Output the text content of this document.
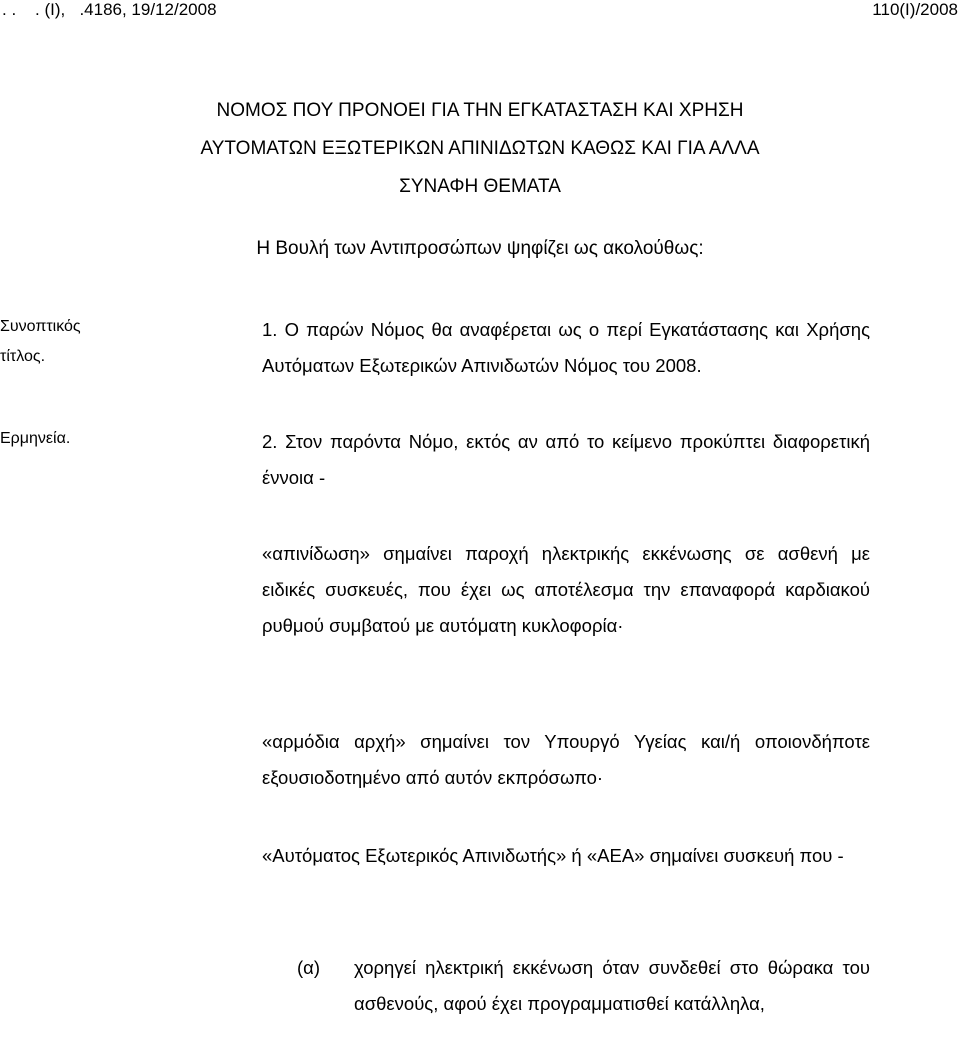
. .    . (Ι),   .4186, 19/12/2008	110(Ι)/2008
ΝΟΜΟΣ ΠΟΥ ΠΡΟΝΟΕΙ ΓΙΑ ΤΗΝ ΕΓΚΑΤΑΣΤΑΣΗ ΚΑΙ ΧΡΗΣΗ
ΑΥΤΟΜΑΤΩΝ ΕΞΩΤΕΡΙΚΩΝ ΑΠΙΝΙΔΩΤΩΝ ΚΑΘΩΣ ΚΑΙ ΓΙΑ ΑΛΛΑ
ΣΥΝΑΦΗ ΘΕΜΑΤΑ
Η Βουλή των Αντιπροσώπων ψηφίζει ως ακολούθως:
Συνοπτικός
τίτλος.
1. Ο παρών Νόμος θα αναφέρεται ως ο περί Εγκατάστασης και Χρήσης Αυτόματων Εξωτερικών Απινιδωτών Νόμος του 2008.
Ερμηνεία.	2. Στον παρόντα Νόμο, εκτός αν από το κείμενο προκύπτει διαφορετική έννοια -
«απινίδωση» σημαίνει παροχή ηλεκτρικής εκκένωσης σε ασθενή με ειδικές συσκευές, που έχει ως αποτέλεσμα την επαναφορά καρδιακού ρυθμού συμβατού με αυτόματη κυκλοφορία·
«αρμόδια αρχή» σημαίνει τον Υπουργό Υγείας και/ή οποιονδήποτε εξουσιοδοτημένο από αυτόν εκπρόσωπο·
«Αυτόματος Εξωτερικός Απινιδωτής» ή «ΑΕΑ» σημαίνει συσκευή που -
(α) χορηγεί ηλεκτρική εκκένωση όταν συνδεθεί στο θώρακα του ασθενούς, αφού έχει προγραμματισθεί κατάλληλα,
